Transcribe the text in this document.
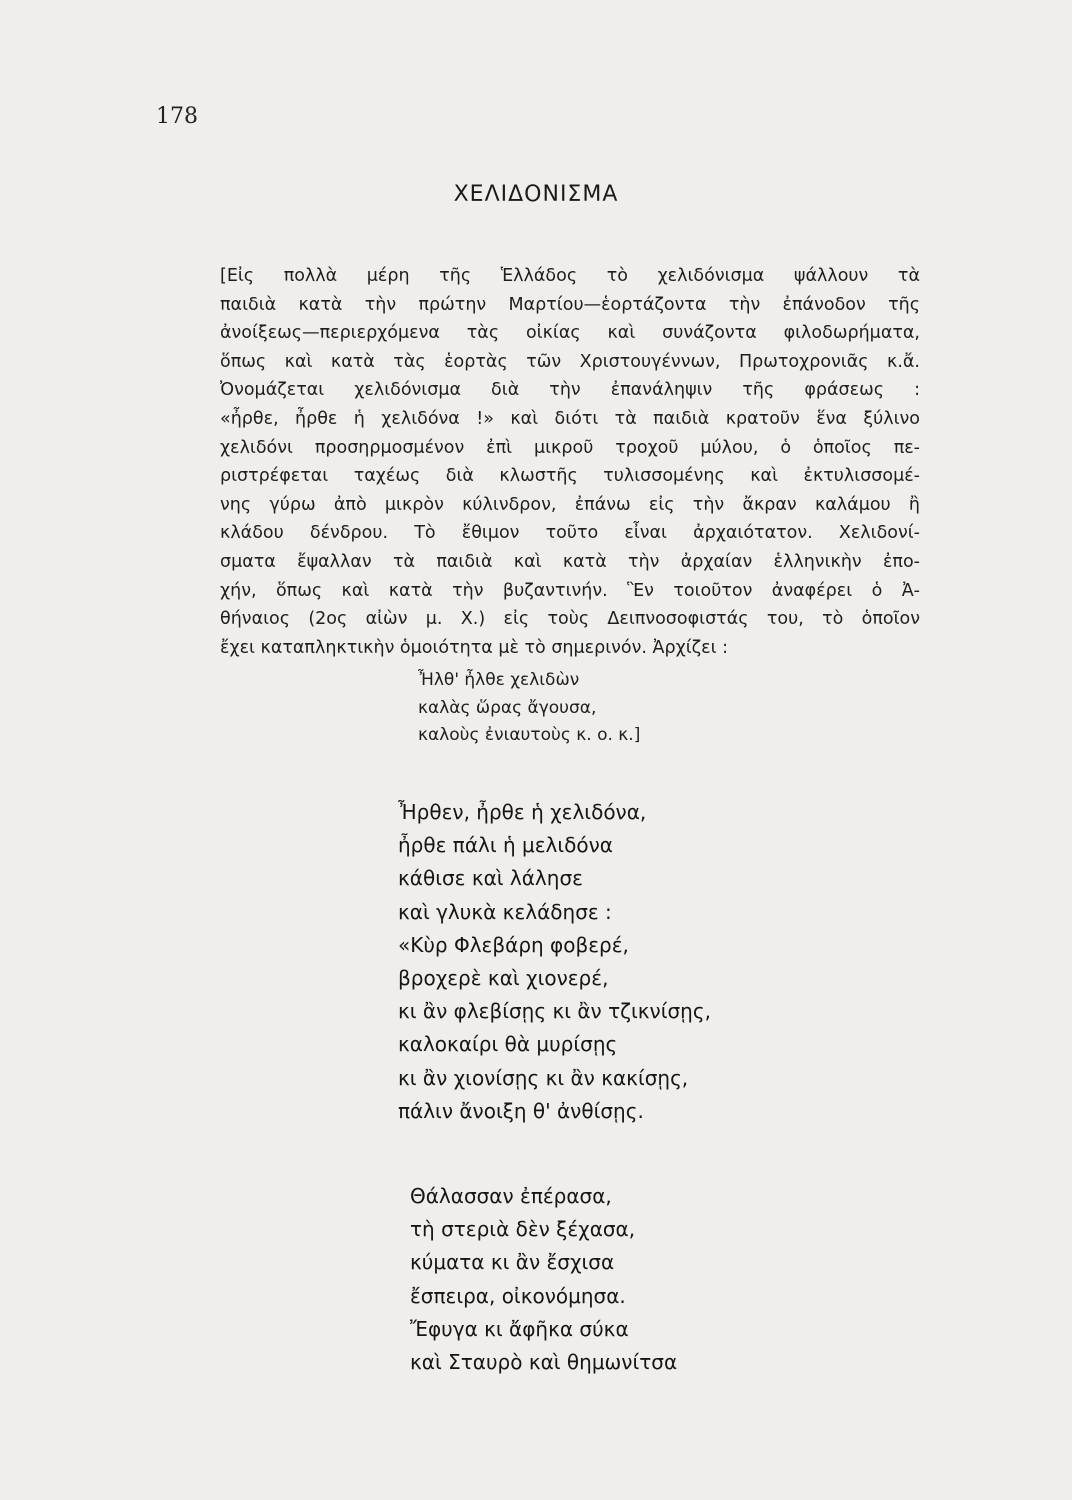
178
ΧΕΛΙΔΟΝΙΣΜΑ
[Εἰς πολλὰ μέρη τῆς Ἑλλάδος τὸ χελιδόνισμα ψάλλουν τὰ
παιδιὰ κατὰ τὴν πρώτην Μαρτίου—ἑορτάζοντα τὴν ἐπάνοδον τῆς
ἀνοίξεως—περιερχόμενα τὰς οἰκίας καὶ συνάζοντα φιλοδωρήματα,
ὅπως καὶ κατὰ τὰς ἑορτὰς τῶν Χριστουγέννων, Πρωτοχρονιᾶς κ.ἄ.
Ὀνομάζεται χελιδόνισμα διὰ τὴν ἐπανάληψιν τῆς φράσεως :
«ἦρθε, ἦρθε ἡ χελιδόνα !» καὶ διότι τὰ παιδιὰ κρατοῦν ἕνα ξύλινο
χελιδόνι προσηρμοσμένον ἐπὶ μικροῦ τροχοῦ μύλου, ὁ ὁποῖος πε-
ριστρέφεται ταχέως διὰ κλωστῆς τυλισσομένης καὶ ἐκτυλισσομέ-
νης γύρω ἀπὸ μικρὸν κύλινδρον, ἐπάνω εἰς τὴν ἄκραν καλάμου ἢ
κλάδου δένδρου. Τὸ ἔθιμον τοῦτο εἶναι ἀρχαιότατον. Χελιδονί-
σματα ἔψαλλαν τὰ παιδιὰ καὶ κατὰ τὴν ἀρχαίαν ἑλληνικὴν ἐπο-
χήν, ὅπως καὶ κατὰ τὴν βυζαντινήν. Ἓν τοιοῦτον ἀναφέρει ὁ Ἀ-
θήναιος (2ος αἰὼν μ. Χ.) εἰς τοὺς Δειπνοσοφιστάς του, τὸ ὁποῖον
ἔχει καταπληκτικὴν ὁμοιότητα μὲ τὸ σημερινόν. Ἀρχίζει :
Ἦλθ' ἦλθε χελιδὼν
καλὰς ὥρας ἄγουσα,
καλοὺς ἐνιαυτοὺς κ. ο. κ.]
Ἦρθεν, ἦρθε ἡ χελιδόνα,
ἦρθε πάλι ἡ μελιδόνα
κάθισε καὶ λάλησε
καὶ γλυκὰ κελάδησε :
«Κὺρ Φλεβάρη φοβερέ,
βροχερὲ καὶ χιονερέ,
κι ἂν φλεβίσῃς κι ἂν τζικνίσῃς,
καλοκαίρι θὰ μυρίσῃς
κι ἂν χιονίσῃς κι ἂν κακίσῃς,
πάλιν ἄνοιξη θ' ἀνθίσῃς.
Θάλασσαν ἐπέρασα,
τὴ στεριὰ δὲν ξέχασα,
κύματα κι ἂν ἔσχισα
ἔσπειρα, οἰκονόμησα.
Ἔφυγα κι ἄφῆκα σύκα
καὶ Σταυρὸ καὶ θημωνίτσα
